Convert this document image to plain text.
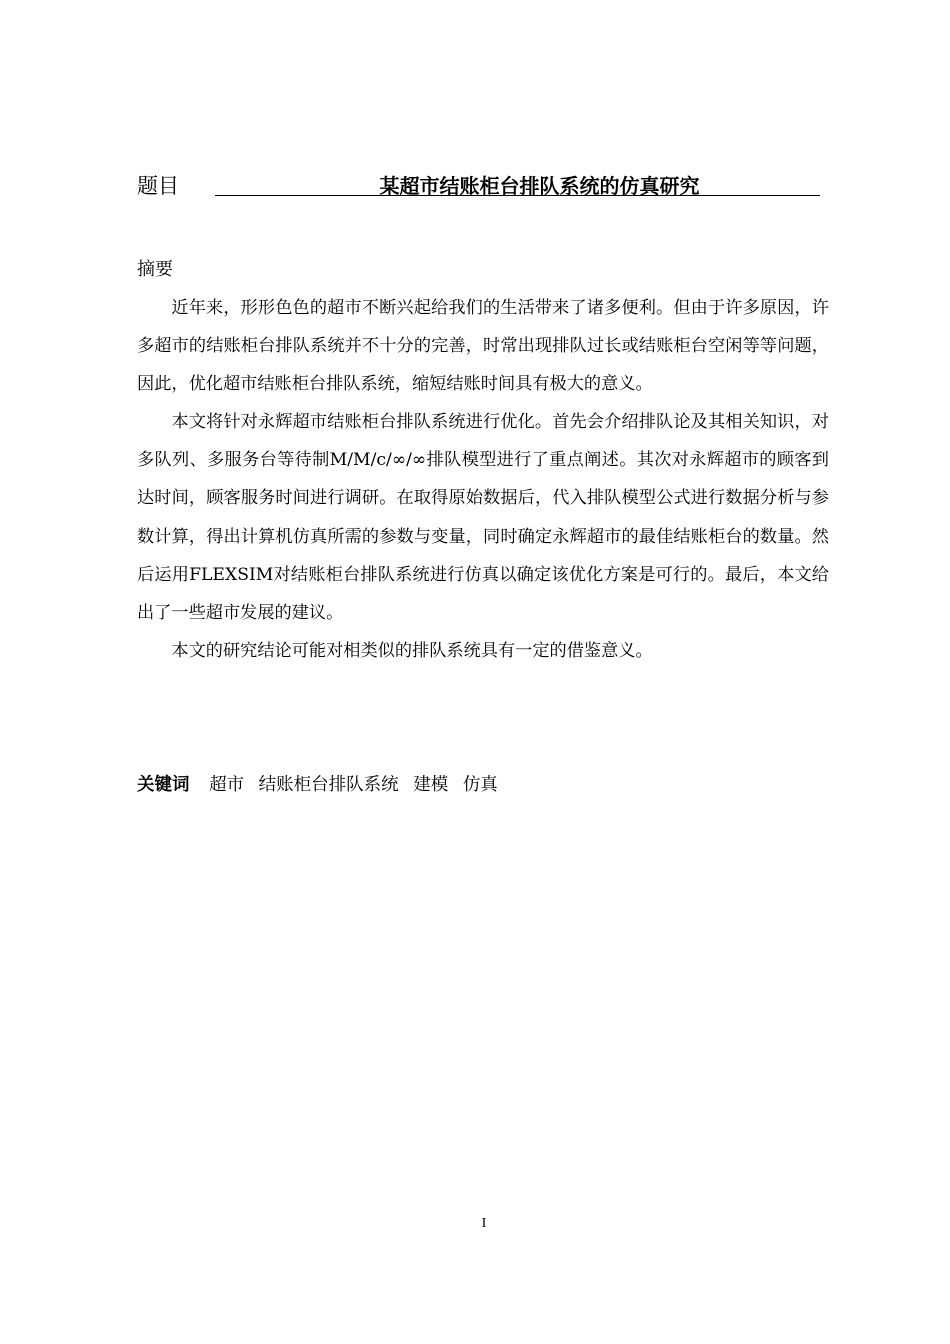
题目	某超市结账柜台排队系统的仿真研究
摘要

近年来，形形色色的超市不断兴起给我们的生活带来了诸多便利。但由于许多原因，许多超市的结账柜台排队系统并不十分的完善，时常出现排队过长或结账柜台空闲等等问题，因此，优化超市结账柜台排队系统，缩短结账时间具有极大的意义。

本文将针对永辉超市结账柜台排队系统进行优化。首先会介绍排队论及其相关知识，对多队列、多服务台等待制M/M/c/∞/∞排队模型进行了重点阐述。其次对永辉超市的顾客到达时间，顾客服务时间进行调研。在取得原始数据后，代入排队模型公式进行数据分析与参数计算，得出计算机仿真所需的参数与变量，同时确定永辉超市的最佳结账柜台的数量。然后运用FLEXSIM对结账柜台排队系统进行仿真以确定该优化方案是可行的。最后，本文给出了一些超市发展的建议。

本文的研究结论可能对相类似的排队系统具有一定的借鉴意义。

关键词 超市 结账柜台排队系统 建模 仿真
I
